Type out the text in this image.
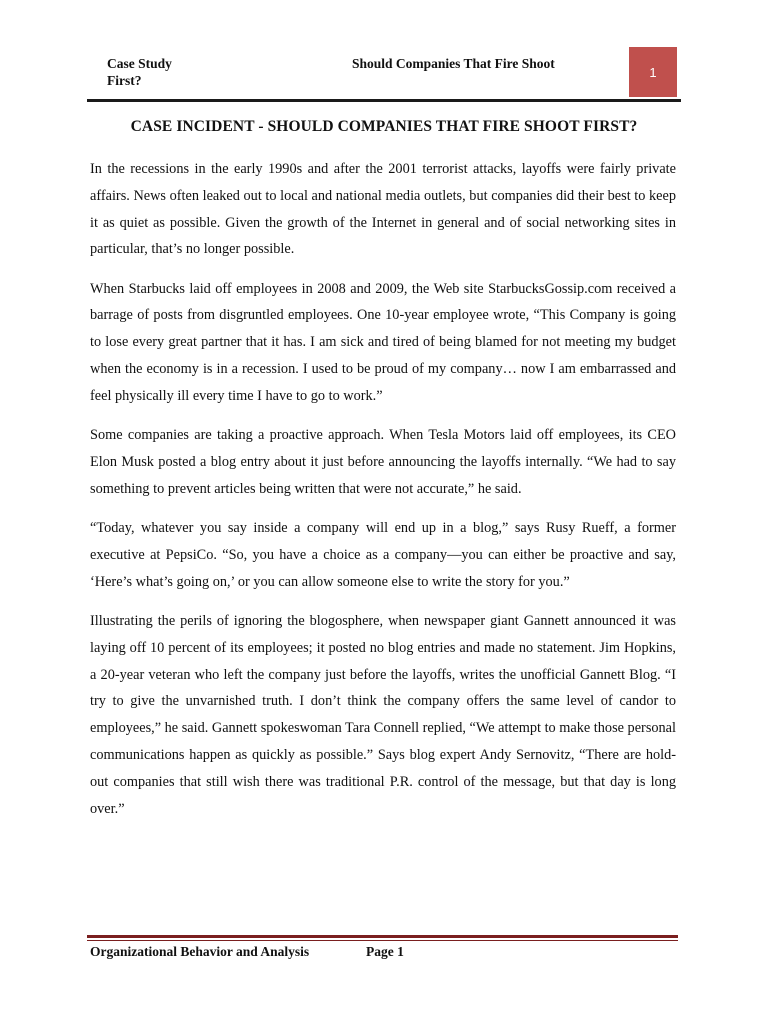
Case Study
First?
Should Companies That Fire Shoot
1
CASE INCIDENT - SHOULD COMPANIES THAT FIRE SHOOT FIRST?

In the recessions in the early 1990s and after the 2001 terrorist attacks, layoffs were fairly private affairs. News often leaked out to local and national media outlets, but companies did their best to keep it as quiet as possible. Given the growth of the Internet in general and of social networking sites in particular, that’s no longer possible.

When Starbucks laid off employees in 2008 and 2009, the Web site StarbucksGossip.com received a barrage of posts from disgruntled employees. One 10-year employee wrote, “This Company is going to lose every great partner that it has. I am sick and tired of being blamed for not meeting my budget when the economy is in a recession. I used to be proud of my company… now I am embarrassed and feel physically ill every time I have to go to work.”

Some companies are taking a proactive approach. When Tesla Motors laid off employees, its CEO Elon Musk posted a blog entry about it just before announcing the layoffs internally. “We had to say something to prevent articles being written that were not accurate,” he said.

“Today, whatever you say inside a company will end up in a blog,” says Rusy Rueff, a former executive at PepsiCo. “So, you have a choice as a company—you can either be proactive and say, ‘Here’s what’s going on,’ or you can allow someone else to write the story for you.”

Illustrating the perils of ignoring the blogosphere, when newspaper giant Gannett announced it was laying off 10 percent of its employees; it posted no blog entries and made no statement. Jim Hopkins, a 20-year veteran who left the company just before the layoffs, writes the unofficial Gannett Blog. “I try to give the unvarnished truth. I don’t think the company offers the same level of candor to employees,” he said. Gannett spokeswoman Tara Connell replied, “We attempt to make those personal communications happen as quickly as possible.” Says blog expert Andy Sernovitz, “There are hold-out companies that still wish there was traditional P.R. control of the message, but that day is long over.”

Organizational Behavior and Analysis	Page 1
